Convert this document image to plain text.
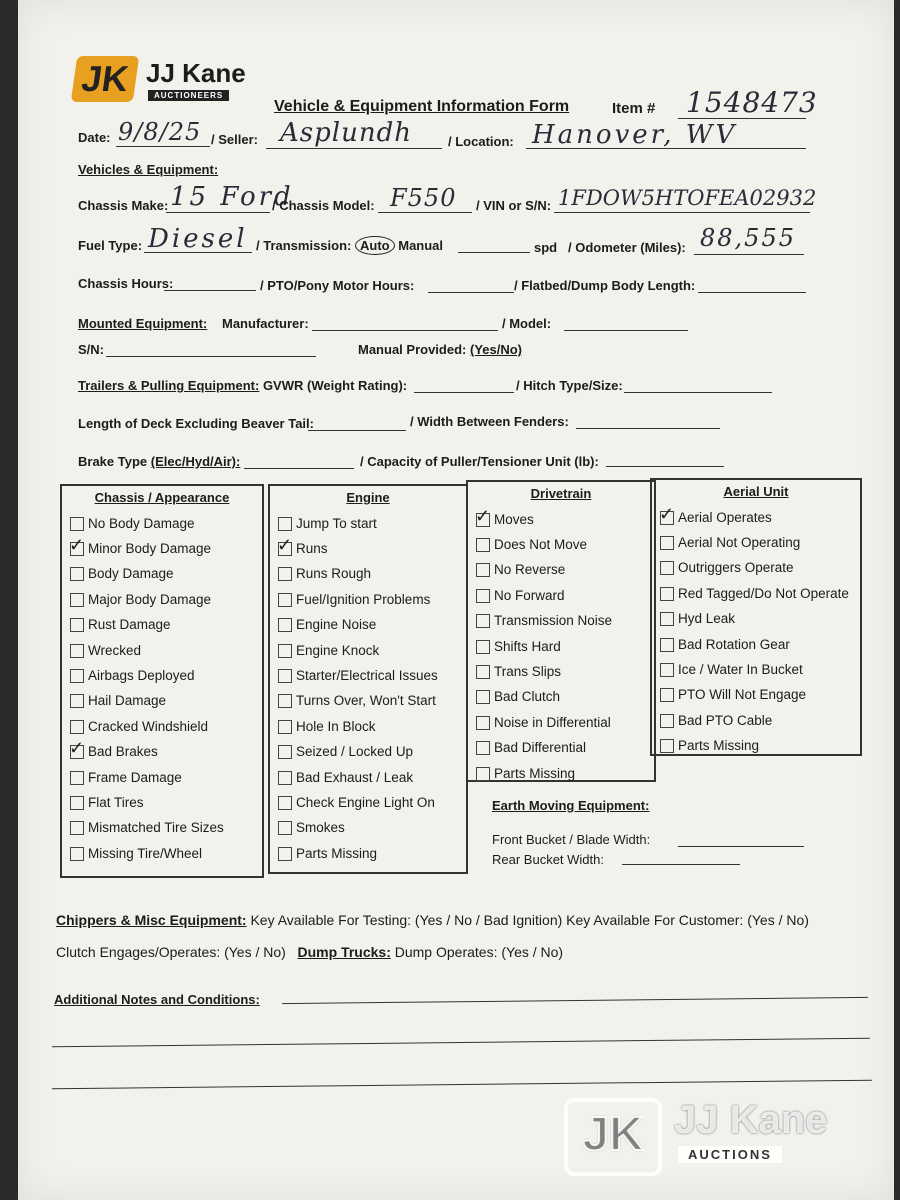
JK JJ Kane
AUCTIONEERS
Vehicle & Equipment Information Form	Item # 1548473
Date: 9/8/25 / Seller: Asplundh	/ Location: Hanover, WV
Vehicles & Equipment:
Chassis Make: 15 Ford
/ Chassis Model: F550 / VIN or S/N: 1FDOW5HTOFEA02932
Fuel Type: Diesel / Transmission: Auto Manual	spd / Odometer (Miles): 88,555
Chassis Hours:	/ PTO/Pony Motor Hours:	/ Flatbed/Dump Body Length:
Mounted Equipment: Manufacturer:	/ Model:
S/N:	Manual Provided: (Yes/No)
Trailers & Pulling Equipment: GVWR (Weight Rating):	/ Hitch Type/Size:
Length of Deck Excluding Beaver Tail:	/ Width Between Fenders:
Brake Type (Elec/Hyd/Air):	/ Capacity of Puller/Tensioner Unit (lb):
Chassis / Appearance
No Body Damage
✓
Minor Body Damage
Body Damage
Major Body Damage
Rust Damage
Wrecked
Airbags Deployed
Hail Damage
Cracked Windshield
✓
Bad Brakes
Frame Damage
Flat Tires
Mismatched Tire Sizes
Missing Tire/Wheel
Engine
Jump To start
✓
Runs
Runs Rough
Fuel/Ignition Problems
Engine Noise
Engine Knock
Starter/Electrical Issues
Turns Over, Won't Start
Hole In Block
Seized / Locked Up
Bad Exhaust / Leak
Check Engine Light On
Smokes
Parts Missing
Drivetrain
✓
Moves
Does Not Move
No Reverse
No Forward
Transmission Noise
Shifts Hard
Trans Slips
Bad Clutch
Noise in Differential
Bad Differential
Parts Missing
Aerial Unit
✓
Aerial Operates
Aerial Not Operating
Outriggers Operate
Red Tagged/Do Not Operate
Hyd Leak
Bad Rotation Gear
Ice / Water In Bucket
PTO Will Not Engage
Bad PTO Cable
Parts Missing
Earth Moving Equipment:
Front Bucket / Blade Width:
Rear Bucket Width:
Chippers & Misc Equipment: Key Available For Testing: (Yes / No / Bad Ignition) Key Available For Customer: (Yes / No)
Clutch Engages/Operates: (Yes / No) Dump Trucks: Dump Operates: (Yes / No)
Additional Notes and Conditions:
JK JJ Kane
AUCTIONS
